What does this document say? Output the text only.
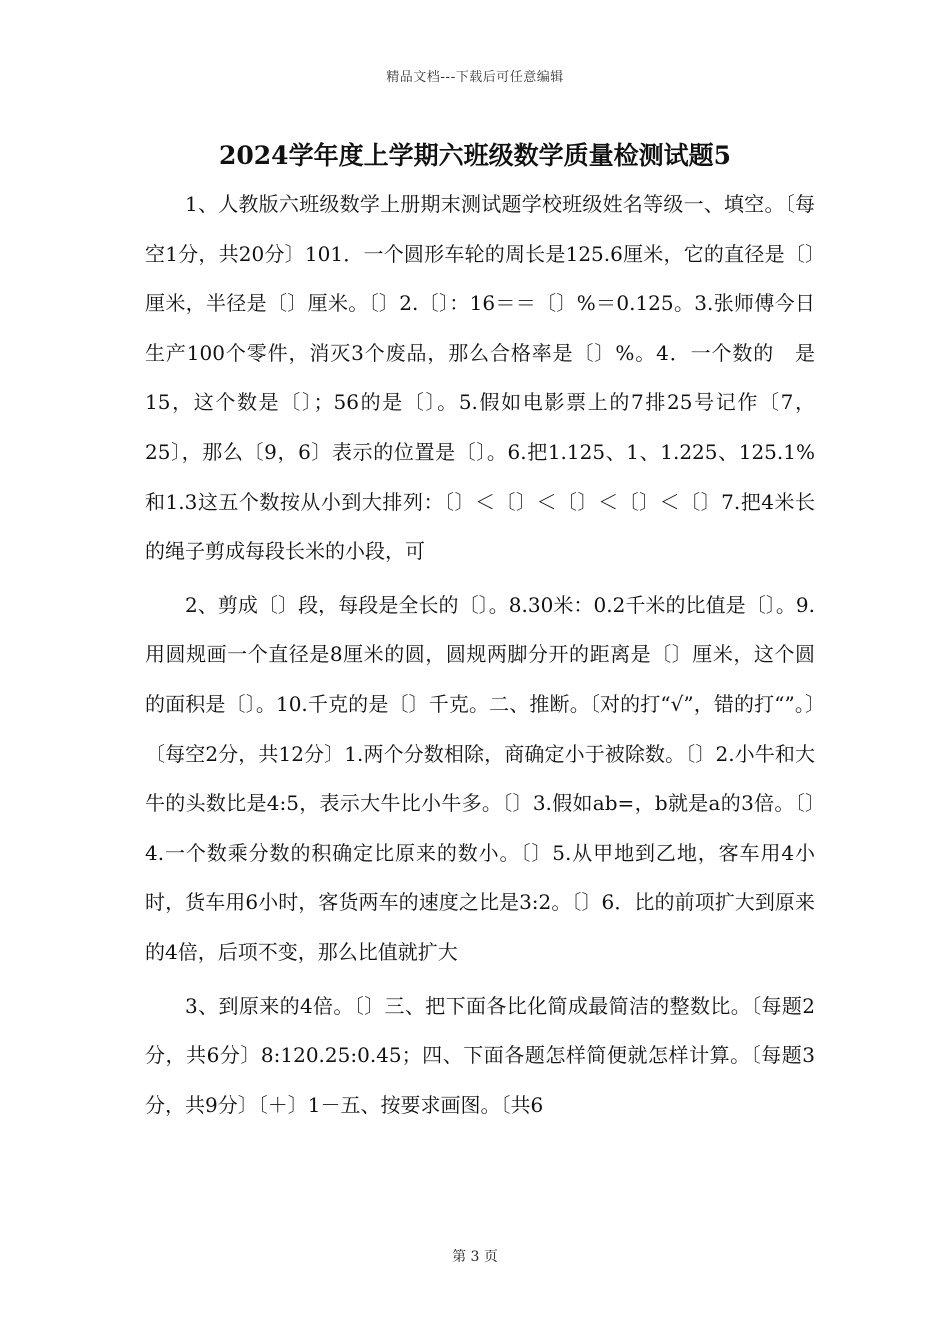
精品文档---下载后可任意编辑
2024学年度上学期六班级数学质量检测试题5

1、人教版六班级数学上册期末测试题学校班级姓名等级一、填空。〔每空1分，共20分〕101．一个圆形车轮的周长是125.6厘米，它的直径是〔〕厘米，半径是〔〕厘米。〔〕2.〔〕：16＝＝〔〕%＝0.125。3.张师傅今日生产100个零件，消灭3个废品，那么合格率是〔〕%。4．一个数的　是15，这个数是〔〕；56的是〔〕。5.假如电影票上的7排25号记作〔7，25〕，那么〔9，6〕表示的位置是〔〕。6.把1.125、1、1.225、125.1%和1.3这五个数按从小到大排列：〔〕＜〔〕＜〔〕＜〔〕＜〔〕7.把4米长的绳子剪成每段长米的小段，可

2、剪成〔〕段，每段是全长的〔〕。8.30米：0.2千米的比值是〔〕。9.用圆规画一个直径是8厘米的圆，圆规两脚分开的距离是〔〕厘米，这个圆的面积是〔〕。10.千克的是〔〕千克。二、推断。〔对的打“√”，错的打“”。〕〔每空2分，共12分〕1.两个分数相除，商确定小于被除数。〔〕2.小牛和大牛的头数比是4:5，表示大牛比小牛多。〔〕3.假如ab=，b就是a的3倍。〔〕4.一个数乘分数的积确定比原来的数小。〔〕5.从甲地到乙地，客车用4小时，货车用6小时，客货两车的速度之比是3:2。〔〕6．比的前项扩大到原来的4倍，后项不变，那么比值就扩大

3、到原来的4倍。〔〕三、把下面各比化简成最简洁的整数比。〔每题2分，共6分〕8:120.25:0.45；四、下面各题怎样简便就怎样计算。〔每题3分，共9分〕〔＋〕1－五、按要求画图。〔共6

第 3 页
